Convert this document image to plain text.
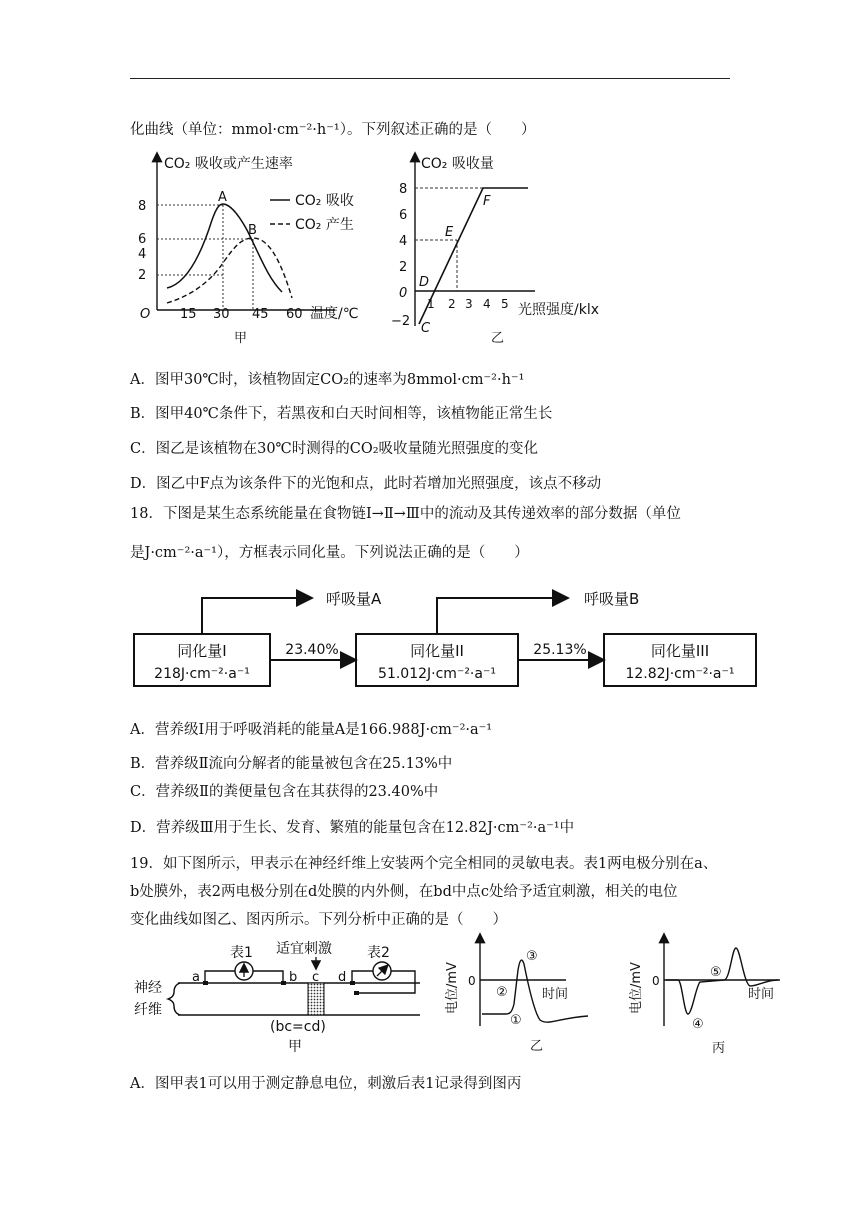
化曲线（单位：mmol·cm⁻²·h⁻¹）。下列叙述正确的是（　　）
CO₂ 吸收或产生速率
8
6
4
2
O 15 30 45 60 温度/℃
甲
A
B
CO₂ 吸收
CO₂ 产生
CO₂ 吸收量
8
6
4
2
0
−2
1 2 3 4 5 光照强度/klx
乙
C
D
E
F
A．图甲30℃时，该植物固定CO₂的速率为8mmol·cm⁻²·h⁻¹
B．图甲40℃条件下，若黑夜和白天时间相等，该植物能正常生长
C．图乙是该植物在30℃时测得的CO₂吸收量随光照强度的变化
D．图乙中F点为该条件下的光饱和点，此时若增加光照强度，该点不移动
18．下图是某生态系统能量在食物链Ⅰ→Ⅱ→Ⅲ中的流动及其传递效率的部分数据（单位
是J·cm⁻²·a⁻¹），方框表示同化量。下列说法正确的是（　　）
同化量I
218J·cm⁻²·a⁻¹
同化量II
51.012J·cm⁻²·a⁻¹
同化量III
12.82J·cm⁻²·a⁻¹
23.40%	25.13%
呼吸量A	呼吸量B
A．营养级Ⅰ用于呼吸消耗的能量A是166.988J·cm⁻²·a⁻¹
B．营养级Ⅱ流向分解者的能量被包含在25.13%中
C．营养级Ⅱ的粪便量包含在其获得的23.40%中
D．营养级Ⅲ用于生长、发育、繁殖的能量包含在12.82J·cm⁻²·a⁻¹中
19．如下图所示，甲表示在神经纤维上安装两个完全相同的灵敏电表。表1两电极分别在a、
b处膜外，表2两电极分别在d处膜的内外侧，在bd中点c处给予适宜刺激，相关的电位
变化曲线如图乙、图丙所示。下列分析中正确的是（　　）
神经
纤维
表1
a	b
适宜刺激
c
表2
d
(bc=cd)
甲
电位/mV 0
时间
①
②
③
乙
电位/mV 0
时间
④
⑤
丙
A．图甲表1可以用于测定静息电位，刺激后表1记录得到图丙
